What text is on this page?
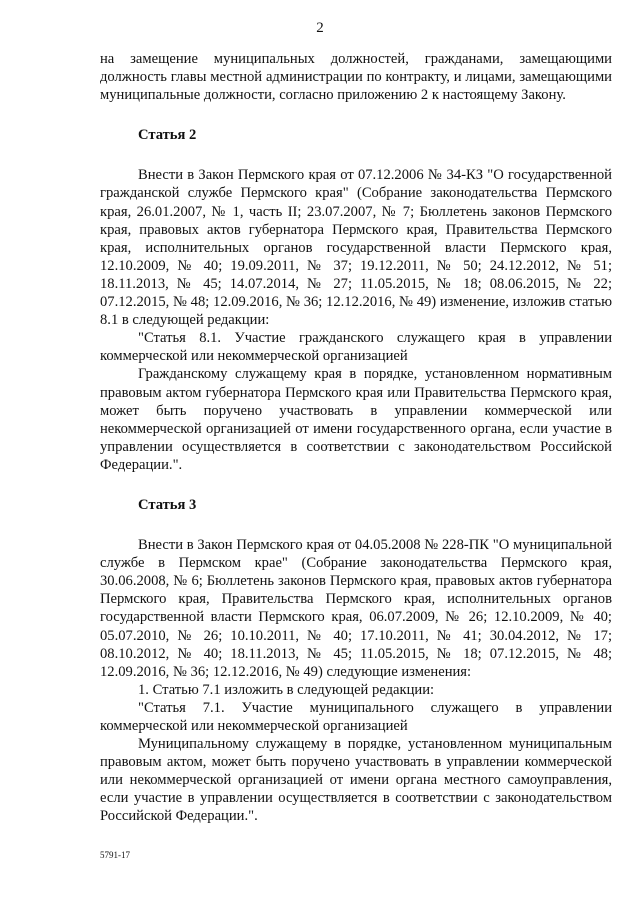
2

на замещение муниципальных должностей, гражданами, замещающими должность главы местной администрации по контракту, и лицами, замещающими муниципальные должности, согласно приложению 2 к настоящему Закону.

Статья 2

Внести в Закон Пермского края от 07.12.2006 № 34-КЗ "О государственной гражданской службе Пермского края" (Собрание законодательства Пермского края, 26.01.2007, № 1, часть II; 23.07.2007, № 7; Бюллетень законов Пермского края, правовых актов губернатора Пермского края, Правительства Пермского края, исполнительных органов государственной власти Пермского края, 12.10.2009, № 40; 19.09.2011, № 37; 19.12.2011, № 50; 24.12.2012, № 51; 18.11.2013, № 45; 14.07.2014, № 27; 11.05.2015, № 18; 08.06.2015, № 22; 07.12.2015, № 48; 12.09.2016, № 36; 12.12.2016, № 49) изменение, изложив статью 8.1 в следующей редакции:

"Статья 8.1. Участие гражданского служащего края в управлении коммерческой или некоммерческой организацией

Гражданскому служащему края в порядке, установленном нормативным правовым актом губернатора Пермского края или Правительства Пермского края, может быть поручено участвовать в управлении коммерческой или некоммерческой организацией от имени государственного органа, если участие в управлении осуществляется в соответствии с законодательством Российской Федерации.".

Статья 3

Внести в Закон Пермского края от 04.05.2008 № 228-ПК "О муниципальной службе в Пермском крае" (Собрание законодательства Пермского края, 30.06.2008, № 6; Бюллетень законов Пермского края, правовых актов губернатора Пермского края, Правительства Пермского края, исполнительных органов государственной власти Пермского края, 06.07.2009, № 26; 12.10.2009, № 40; 05.07.2010, № 26; 10.10.2011, № 40; 17.10.2011, № 41; 30.04.2012, № 17; 08.10.2012, № 40; 18.11.2013, № 45; 11.05.2015, № 18; 07.12.2015, № 48; 12.09.2016, № 36; 12.12.2016, № 49) следующие изменения:

1. Статью 7.1 изложить в следующей редакции:

"Статья 7.1. Участие муниципального служащего в управлении коммерческой или некоммерческой организацией

Муниципальному служащему в порядке, установленном муниципальным правовым актом, может быть поручено участвовать в управлении коммерческой или некоммерческой организацией от имени органа местного самоуправления, если участие в управлении осуществляется в соответствии с законодательством Российской Федерации.".

5791-17
